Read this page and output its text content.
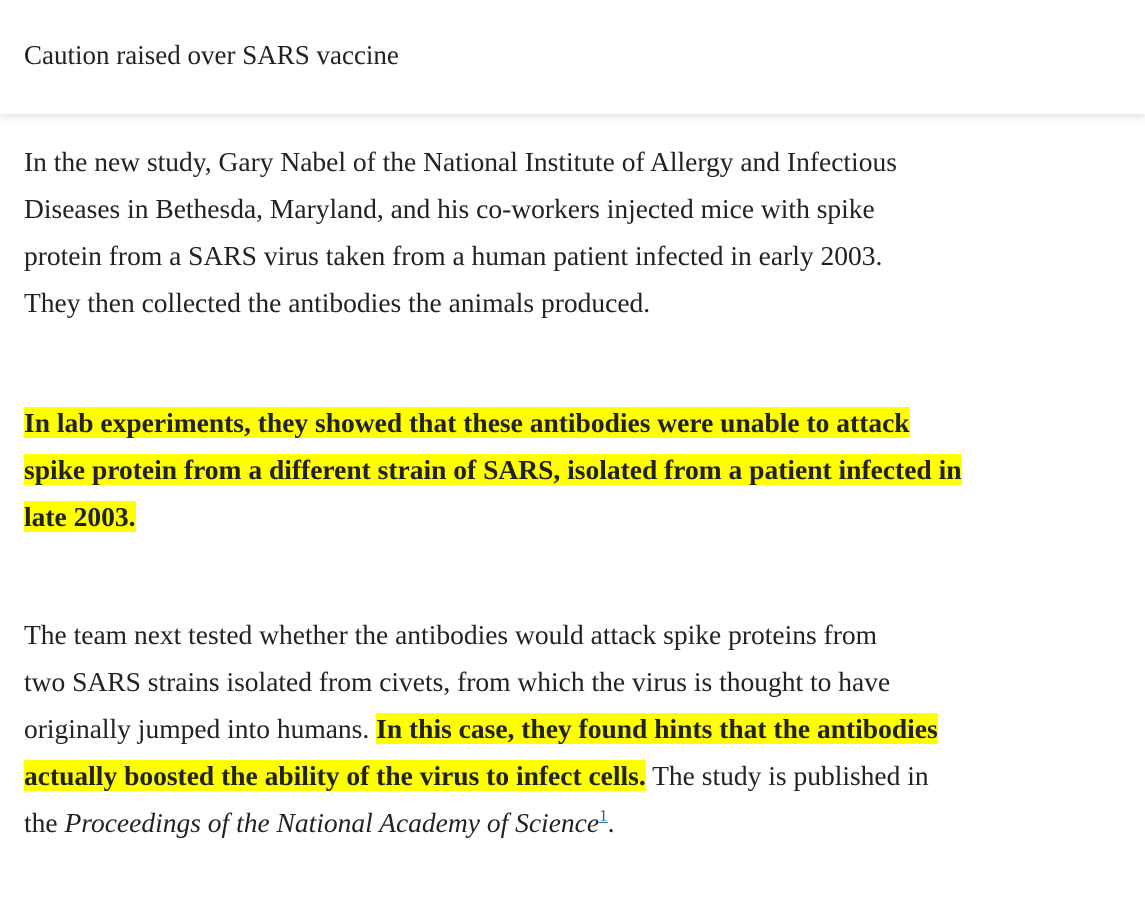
Caution raised over SARS vaccine

In the new study, Gary Nabel of the National Institute of Allergy and Infectious
Diseases in Bethesda, Maryland, and his co-workers injected mice with spike
protein from a SARS virus taken from a human patient infected in early 2003.
They then collected the antibodies the animals produced.

In lab experiments, they showed that these antibodies were unable to attack
spike protein from a different strain of SARS, isolated from a patient infected in
late 2003.

The team next tested whether the antibodies would attack spike proteins from
two SARS strains isolated from civets, from which the virus is thought to have
originally jumped into humans. In this case, they found hints that the antibodies
actually boosted the ability of the virus to infect cells. The study is published in
the Proceedings of the National Academy of Science$^1$.
